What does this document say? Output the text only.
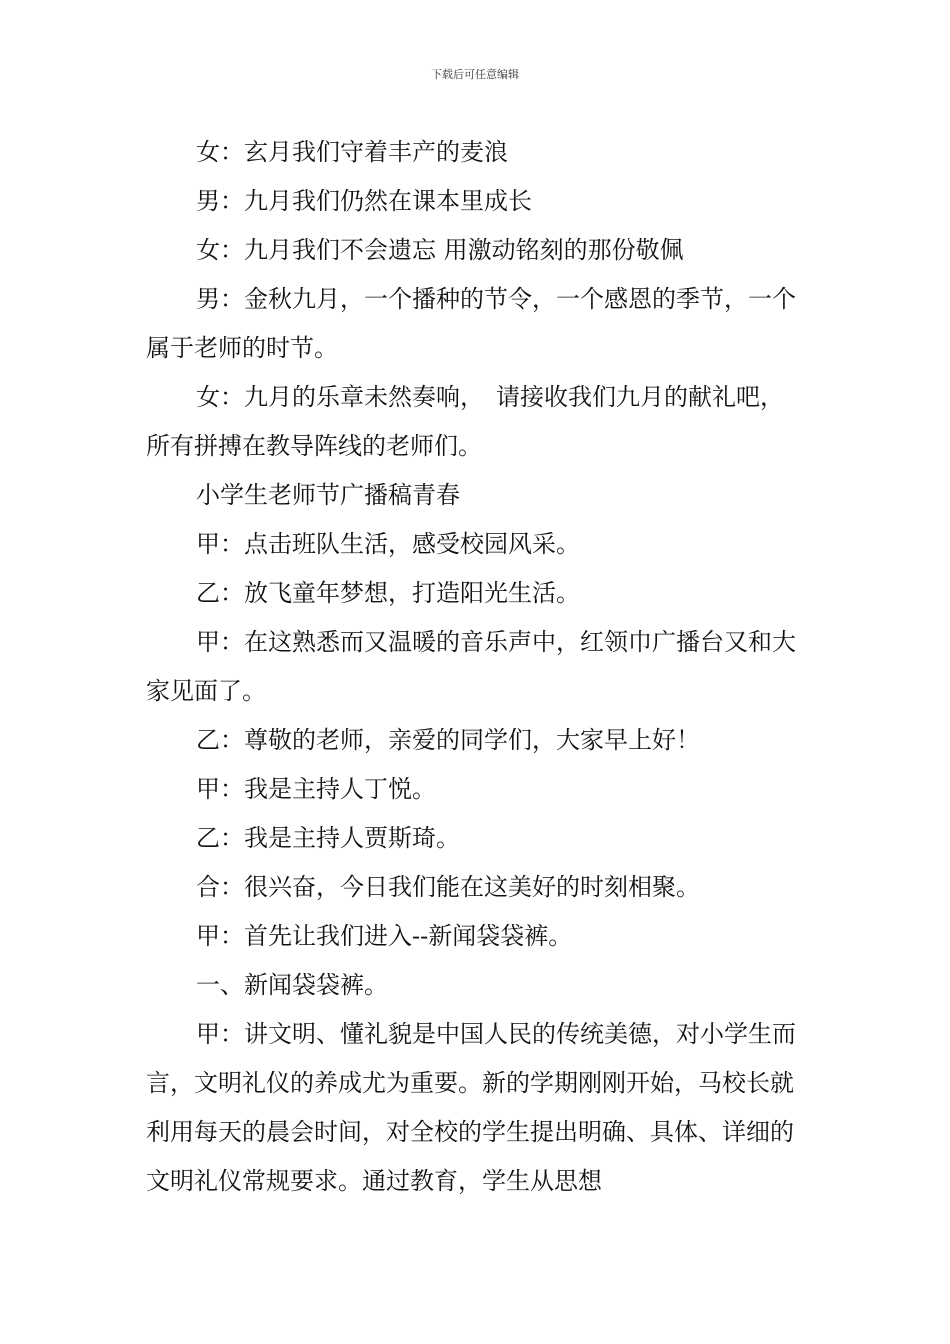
下载后可任意编辑

女：玄月我们守着丰产的麦浪

男：九月我们仍然在课本里成长

女：九月我们不会遗忘 用激动铭刻的那份敬佩

男：金秋九月，一个播种的节令，一个感恩的季节，一个属于老师的时节。

女：九月的乐章未然奏响，　请接收我们九月的献礼吧， 所有拼搏在教导阵线的老师们。

小学生老师节广播稿青春

甲：点击班队生活，感受校园风采。

乙：放飞童年梦想，打造阳光生活。

甲：在这熟悉而又温暖的音乐声中，红领巾广播台又和大家见面了。

乙：尊敬的老师，亲爱的同学们，大家早上好！

甲：我是主持人丁悦。

乙：我是主持人贾斯琦。

合：很兴奋，今日我们能在这美好的时刻相聚。

甲：首先让我们进入--新闻袋袋裤。

一、新闻袋袋裤。

甲：讲文明、懂礼貌是中国人民的传统美德，对小学生而言，文明礼仪的养成尤为重要。新的学期刚刚开始，马校长就利用每天的晨会时间，对全校的学生提出明确、具体、详细的文明礼仪常规要求。通过教育，学生从思想
